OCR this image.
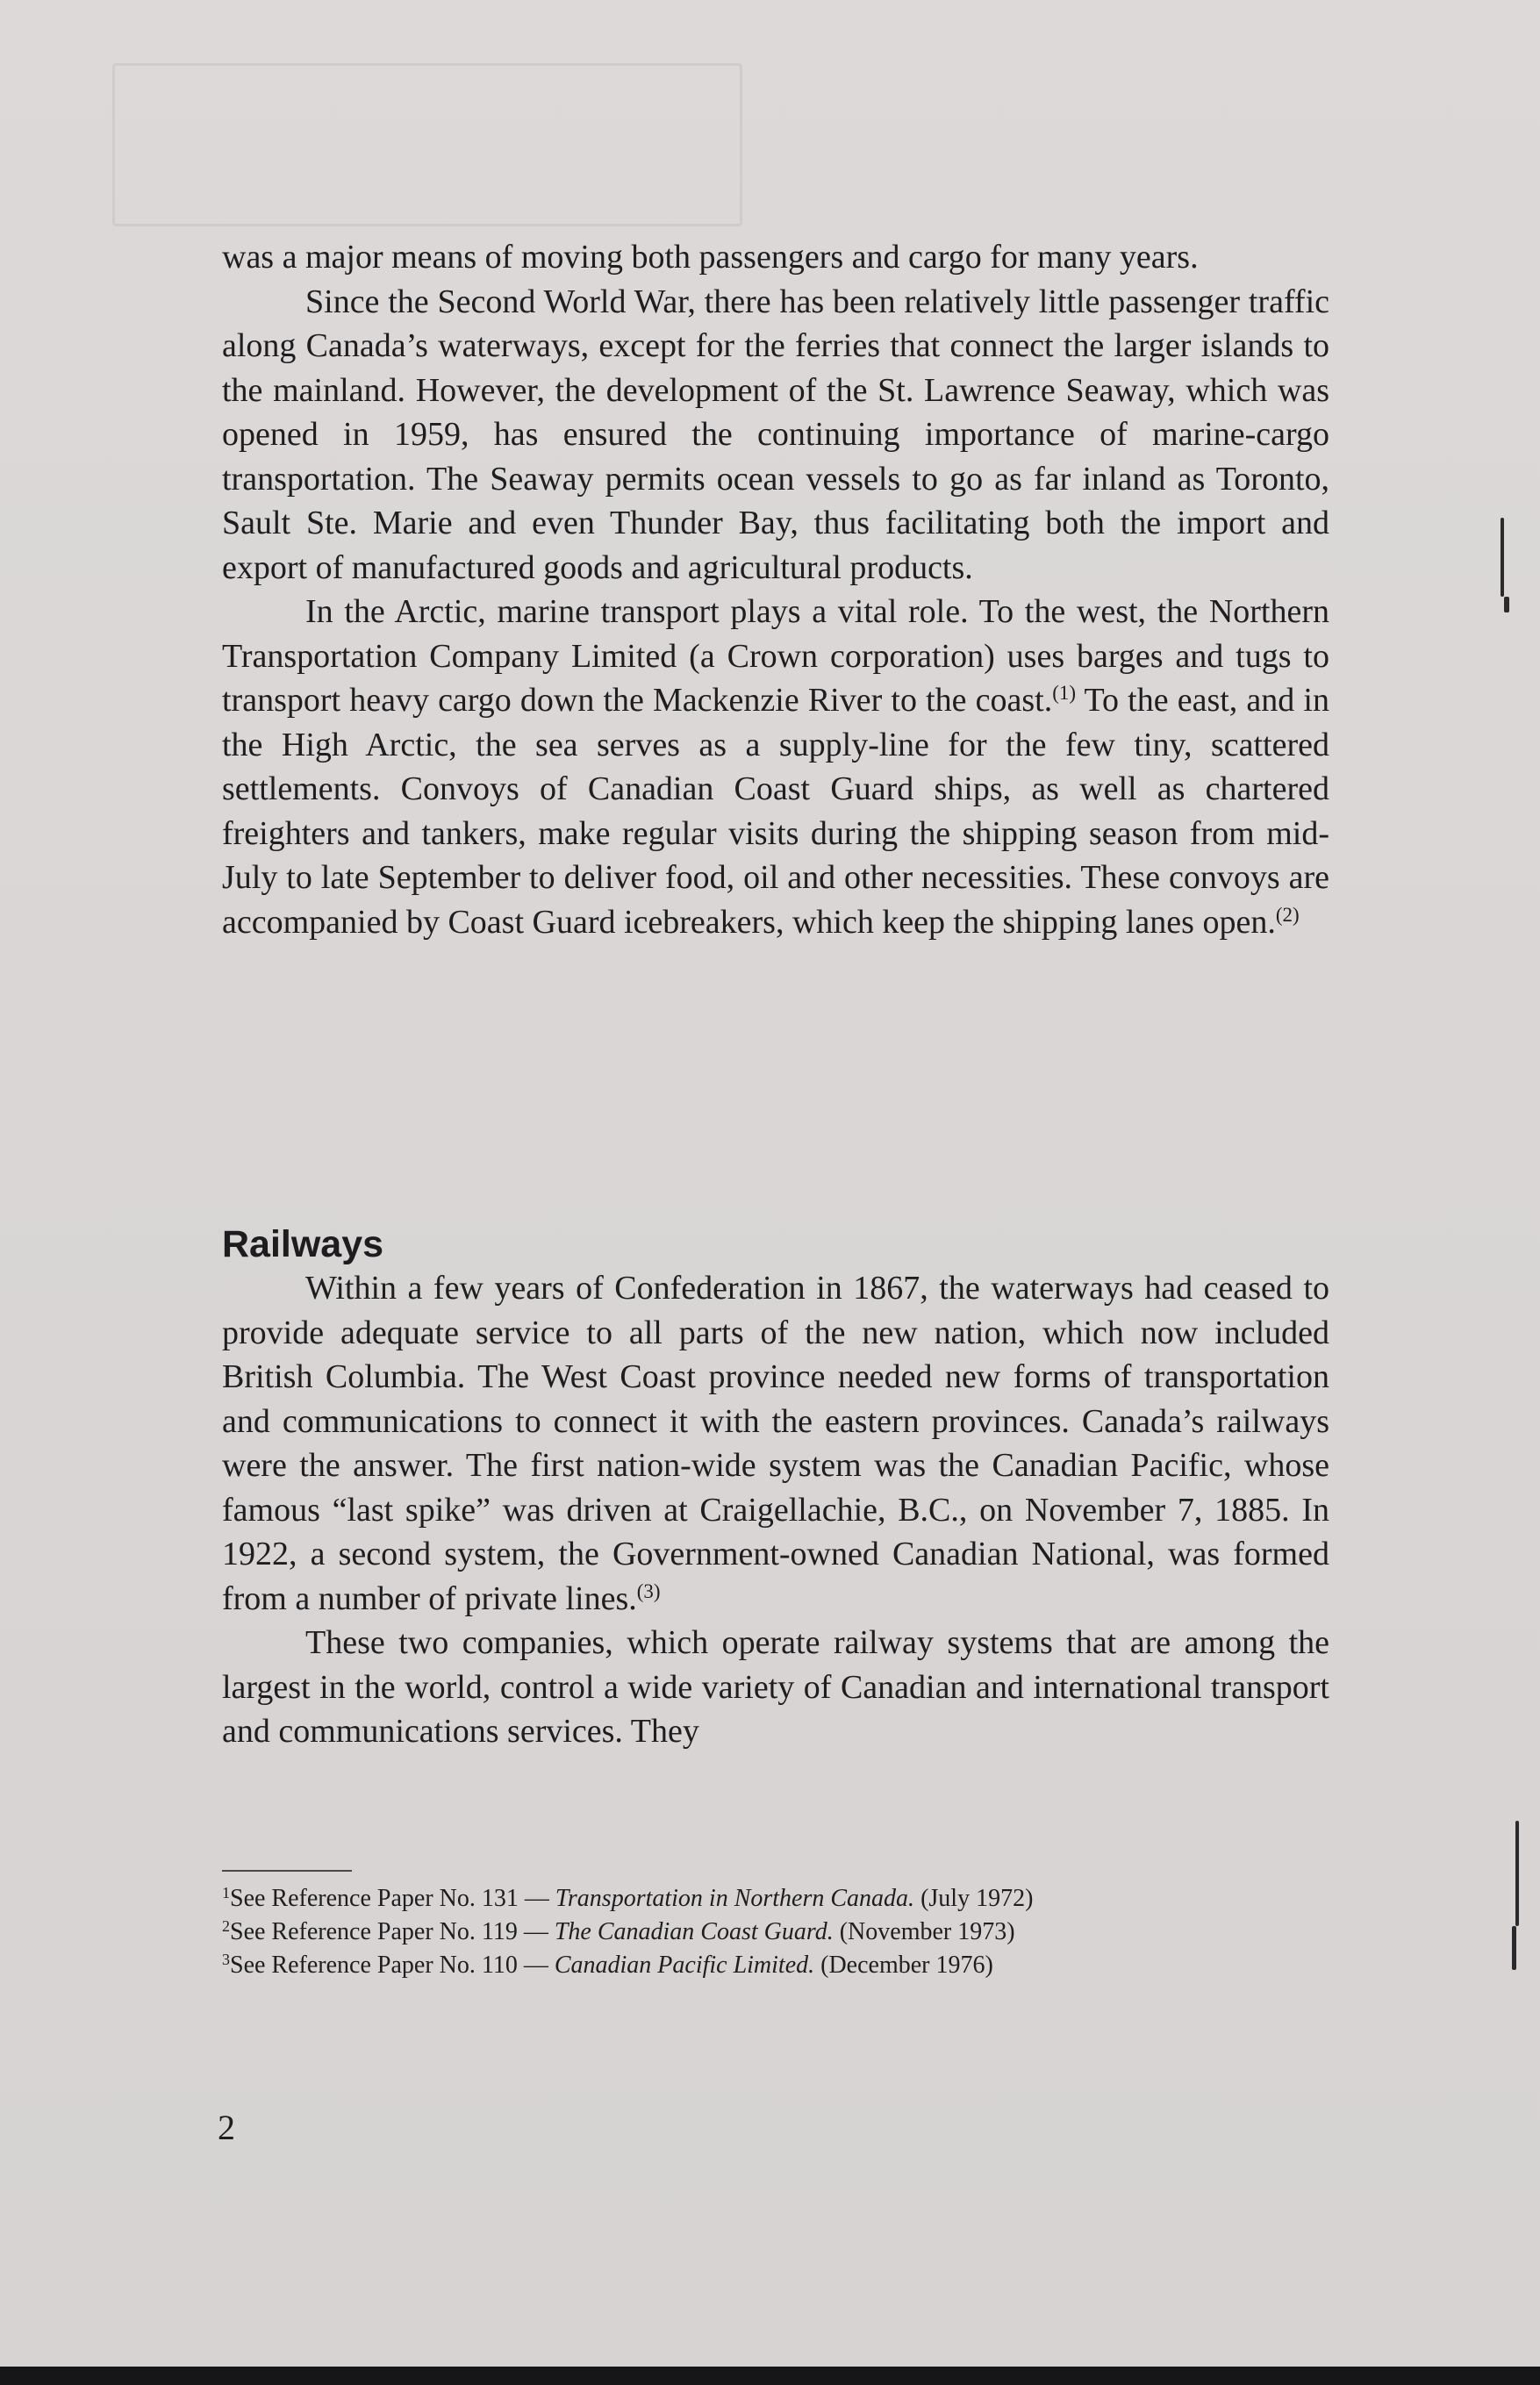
was a major means of moving both passengers and cargo for many years.

Since the Second World War, there has been relatively little passenger traffic along Canada’s waterways, except for the ferries that connect the larger islands to the mainland. However, the development of the St. Lawrence Seaway, which was opened in 1959, has ensured the continuing importance of marine-cargo transportation. The Seaway permits ocean vessels to go as far inland as Toronto, Sault Ste. Marie and even Thunder Bay, thus facilitating both the import and export of manufactured goods and agricultural products.

In the Arctic, marine transport plays a vital role. To the west, the Northern Transportation Company Limited (a Crown corporation) uses barges and tugs to transport heavy cargo down the Mackenzie River to the coast.$^{(1)}$ To the east, and in the High Arctic, the sea serves as a supply-line for the few tiny, scattered settlements. Convoys of Canadian Coast Guard ships, as well as chartered freighters and tankers, make regular visits during the shipping season from mid-July to late September to deliver food, oil and other necessities. These convoys are accompanied by Coast Guard icebreakers, which keep the shipping lanes open.$^{(2)}$

Railways

Within a few years of Confederation in 1867, the waterways had ceased to provide adequate service to all parts of the new nation, which now included British Columbia. The West Coast province needed new forms of transportation and communications to connect it with the eastern provinces. Canada’s railways were the answer. The first nation-wide system was the Canadian Pacific, whose famous “last spike” was driven at Craigellachie, B.C., on November 7, 1885. In 1922, a second system, the Government-owned Canadian National, was formed from a number of private lines.$^{(3)}$

These two companies, which operate railway systems that are among the largest in the world, control a wide variety of Canadian and international transport and communications services. They

$^1$See Reference Paper No. 131 — Transportation in Northern Canada. (July 1972)
$^2$See Reference Paper No. 119 — The Canadian Coast Guard. (November 1973)
$^3$See Reference Paper No. 110 — Canadian Pacific Limited. (December 1976)
2
